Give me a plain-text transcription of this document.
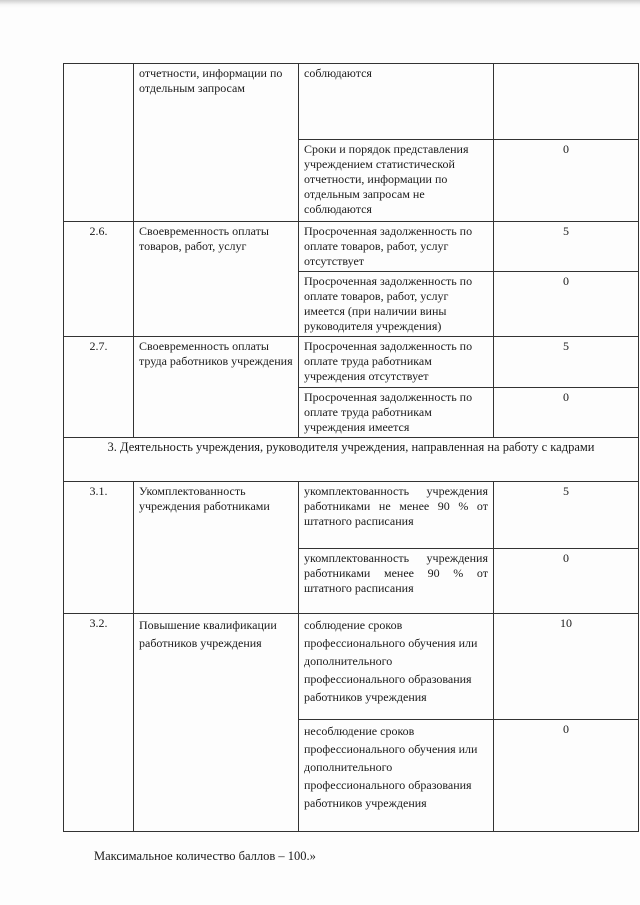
	отчетности, информации по отдельным запросам	соблюдаются	
		Сроки и порядок представления учреждением статистической отчетности, информации по отдельным запросам не соблюдаются	0
2.6.	Своевременность оплаты товаров, работ, услуг	Просроченная задолженность по оплате товаров, работ, услуг отсутствует	5
		Просроченная задолженность по оплате товаров, работ, услуг имеется (при наличии вины руководителя учреждения)	0
2.7.	Своевременность оплаты труда работников учреждения	Просроченная задолженность по оплате труда работникам учреждения отсутствует	5
		Просроченная задолженность по оплате труда работникам учреждения имеется	0
3. Деятельность учреждения, руководителя учреждения, направленная на работу с кадрами			
3.1.	Укомплектованность учреждения работниками	укомплектованность учреждения работниками не менее 90 % от штатного расписания	5
		укомплектованность учреждения работниками менее 90 % от штатного расписания	0
3.2.	Повышение квалификации работников учреждения	соблюдение сроков профессионального обучения или дополнительного профессионального образования работников учреждения	10
		несоблюдение сроков профессионального обучения или дополнительного профессионального образования работников учреждения	0
Максимальное количество баллов – 100.»
